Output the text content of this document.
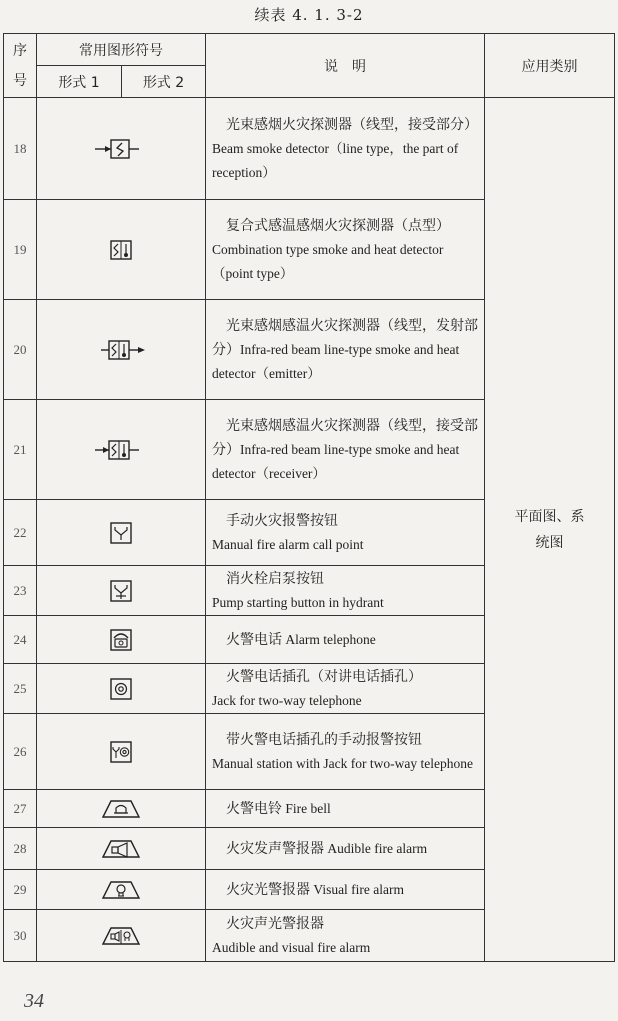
续表 4. 1. 3-2
序号	常用图形符号		说　明	应用类别
	形式 1	形式 2		
18			光束感烟火灾探测器（线型，接受部分）Beam smoke detector（line type，the part of reception）	平面图、系统图

19			复合式感温感烟火灾探测器（点型）
Combination type smoke and heat detector（point type）	
20			光束感烟感温火灾探测器（线型，发射部分）Infra-red beam line-type smoke and heat detector（emitter）	
21			光束感烟感温火灾探测器（线型，接受部分）Infra-red beam line-type smoke and heat detector（receiver）	
22			手动火灾报警按钮
Manual fire alarm call point	
23			消火栓启泵按钮
Pump starting button in hydrant	
24			火警电话 Alarm telephone	
25			火警电话插孔（对讲电话插孔）
Jack for two-way telephone	
26			带火警电话插孔的手动报警按钮
Manual station with Jack for two-way telephone	
27			火警电铃 Fire bell	
28			火灾发声警报器 Audible fire alarm	
29			火灾光警报器 Visual fire alarm	
30			火灾声光警报器
Audible and visual fire alarm	
34
